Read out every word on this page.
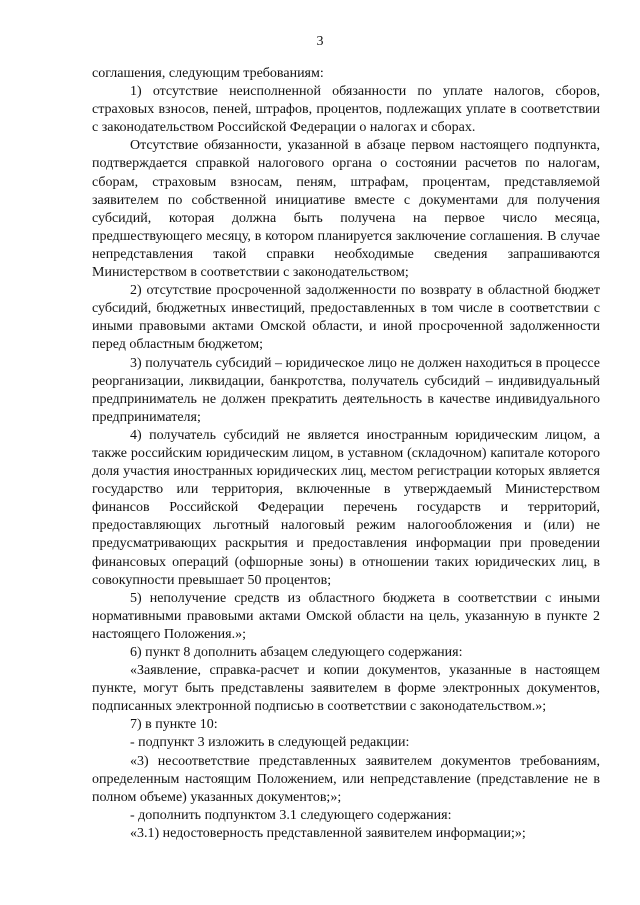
3

соглашения, следующим требованиям:

1) отсутствие неисполненной обязанности по уплате налогов, сборов, страховых взносов, пеней, штрафов, процентов, подлежащих уплате в соответствии с законодательством Российской Федерации о налогах и сборах.

Отсутствие обязанности, указанной в абзаце первом настоящего подпункта, подтверждается справкой налогового органа о состоянии расчетов по налогам, сборам, страховым взносам, пеням, штрафам, процентам, представляемой заявителем по собственной инициативе вместе с документами для получения субсидий, которая должна быть получена на первое число месяца, предшествующего месяцу, в котором планируется заключение соглашения. В случае непредставления такой справки необходимые сведения запрашиваются Министерством в соответствии с законодательством;

2) отсутствие просроченной задолженности по возврату в областной бюджет субсидий, бюджетных инвестиций, предоставленных в том числе в соответствии с иными правовыми актами Омской области, и иной просроченной задолженности перед областным бюджетом;

3) получатель субсидий – юридическое лицо не должен находиться в процессе реорганизации, ликвидации, банкротства, получатель субсидий – индивидуальный предприниматель не должен прекратить деятельность в качестве индивидуального предпринимателя;

4) получатель субсидий не является иностранным юридическим лицом, а также российским юридическим лицом, в уставном (складочном) капитале которого доля участия иностранных юридических лиц, местом регистрации которых является государство или территория, включенные в утверждаемый Министерством финансов Российской Федерации перечень государств и территорий, предоставляющих льготный налоговый режим налогообложения и (или) не предусматривающих раскрытия и предоставления информации при проведении финансовых операций (офшорные зоны) в отношении таких юридических лиц, в совокупности превышает 50 процентов;

5) неполучение средств из областного бюджета в соответствии с иными нормативными правовыми актами Омской области на цель, указанную в пункте 2 настоящего Положения.»;

6) пункт 8 дополнить абзацем следующего содержания:

«Заявление, справка-расчет и копии документов, указанные в настоящем пункте, могут быть представлены заявителем в форме электронных документов, подписанных электронной подписью в соответствии с законодательством.»;

7) в пункте 10:

- подпункт 3 изложить в следующей редакции:

«3) несоответствие представленных заявителем документов требованиям, определенным настоящим Положением, или непредставление (представление не в полном объеме) указанных документов;»;

- дополнить подпунктом 3.1 следующего содержания:

«3.1) недостоверность представленной заявителем информации;»;
